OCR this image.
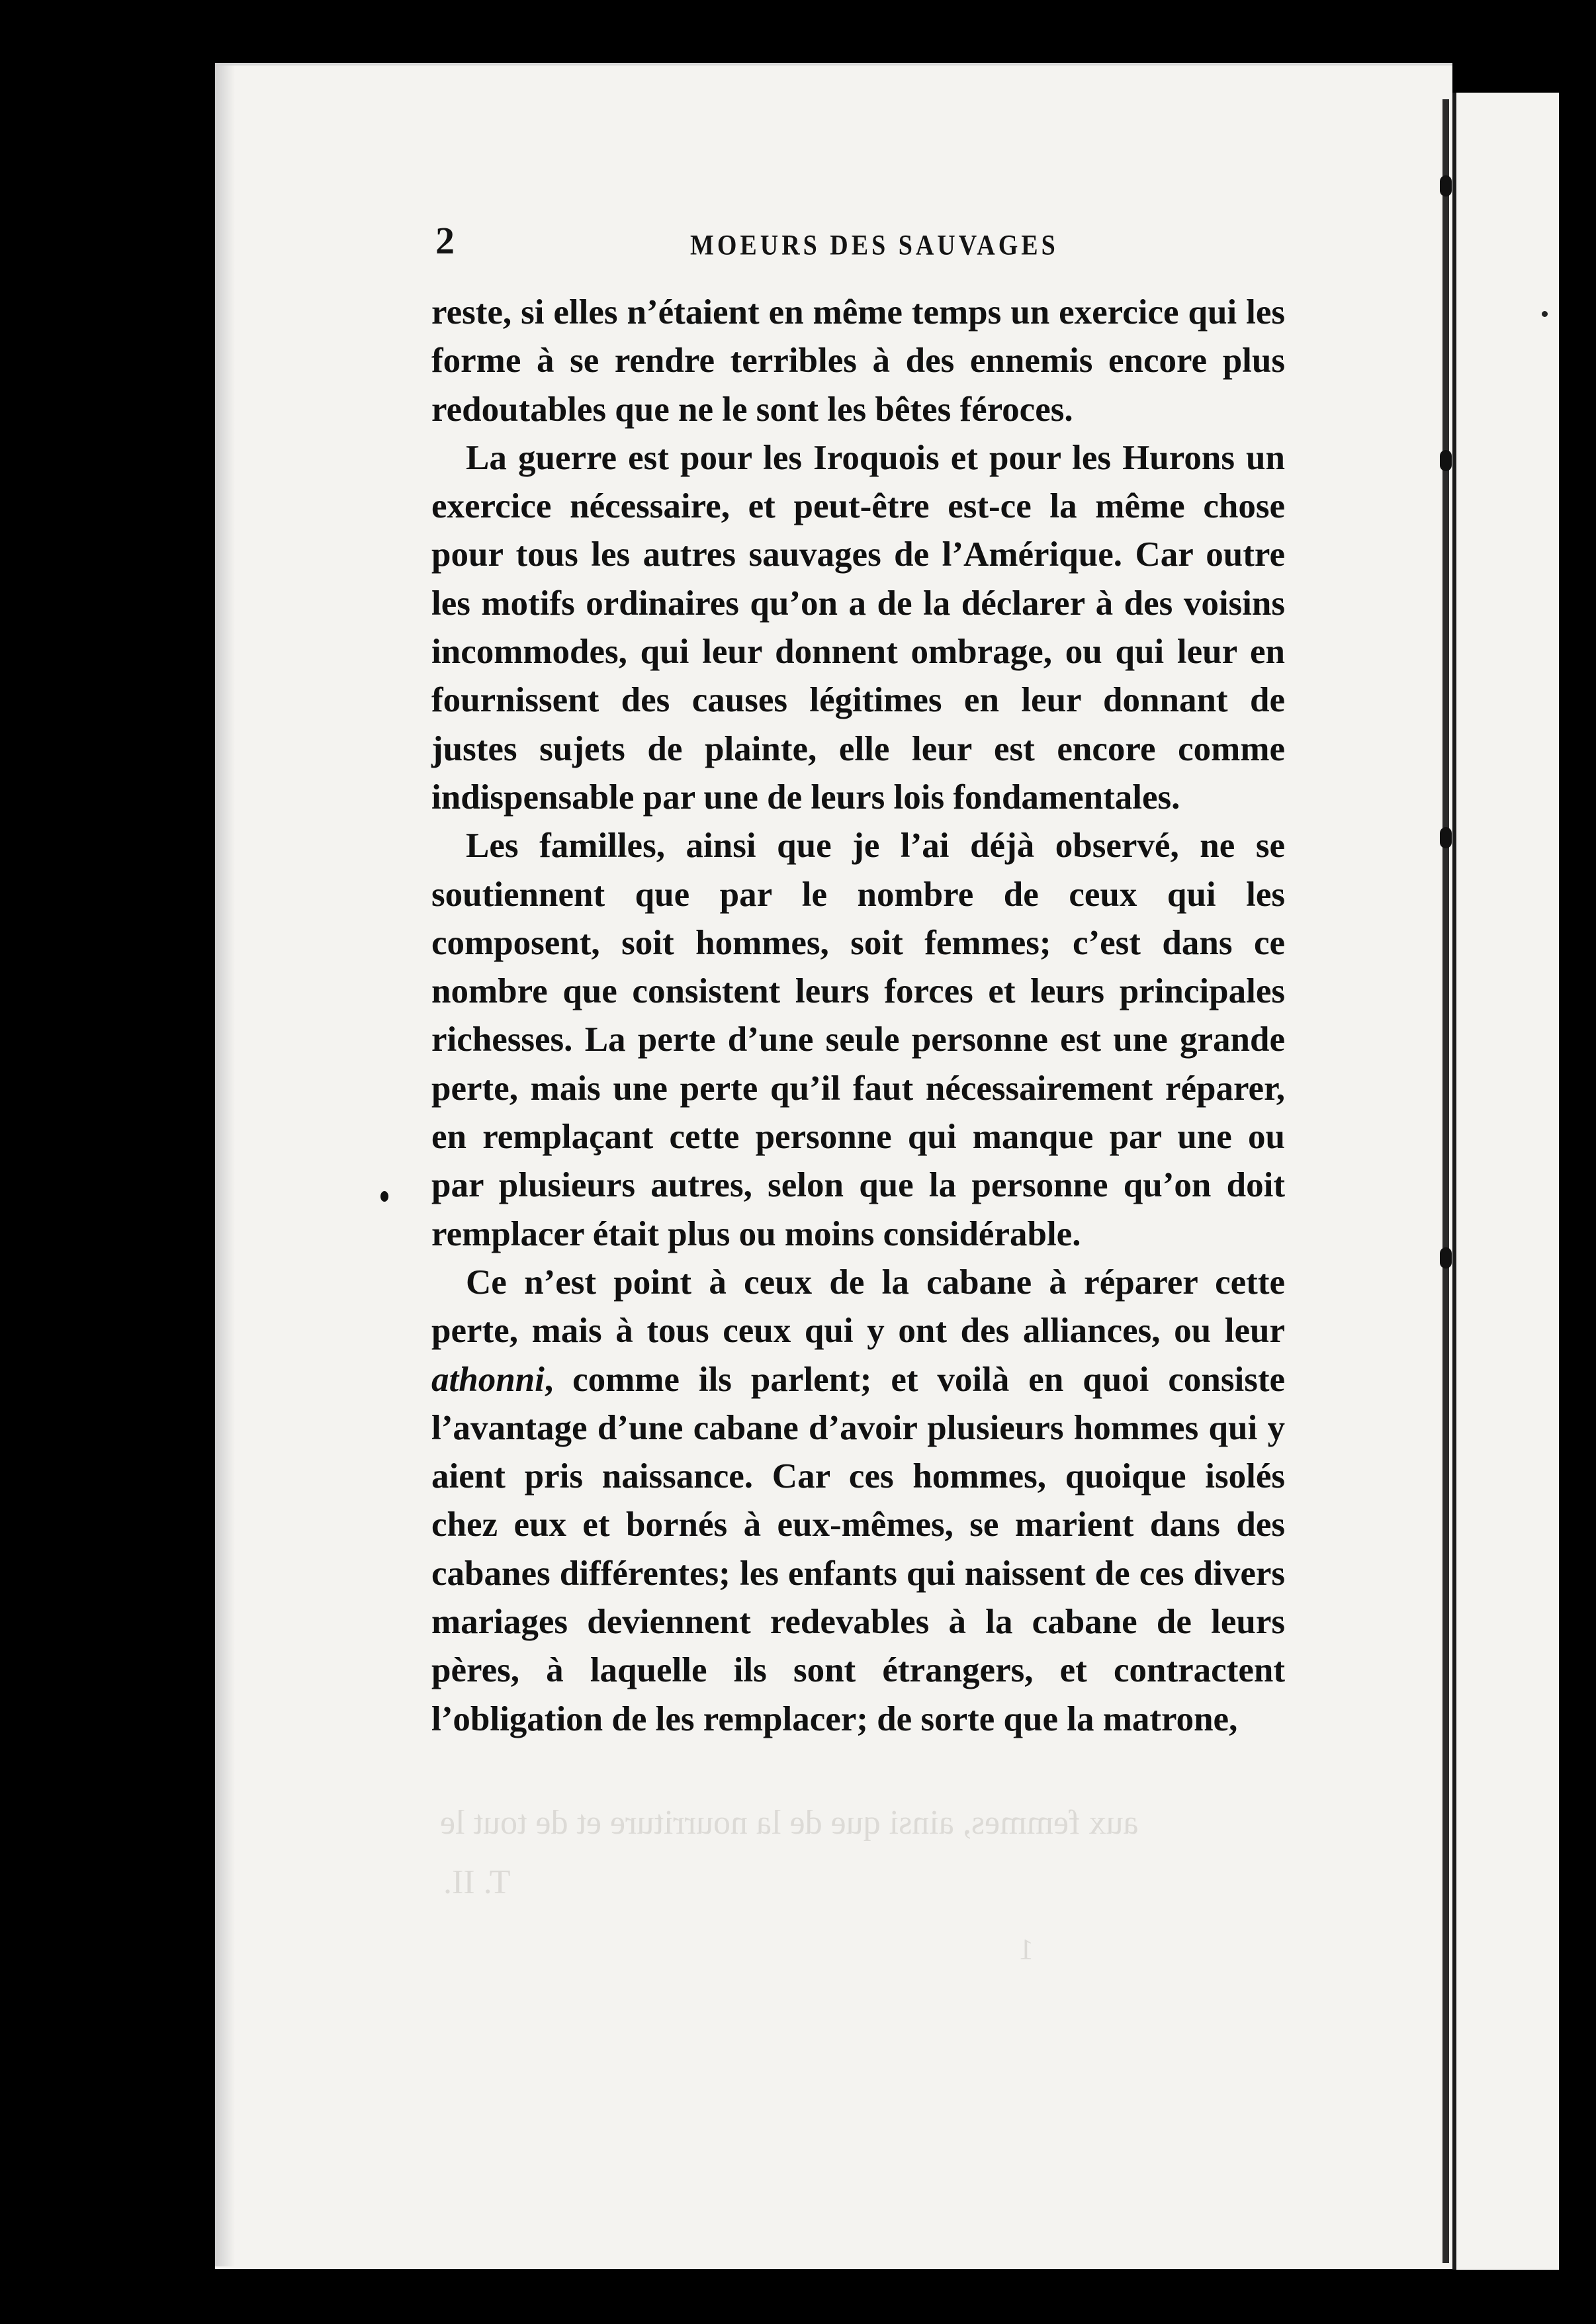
2	MOEURS DES SAUVAGES

reste, si elles n’étaient en même temps un exercice qui les forme à se rendre terribles à des ennemis encore plus redoutables que ne le sont les bêtes féroces.

La guerre est pour les Iroquois et pour les Hurons un exercice nécessaire, et peut-être est-ce la même chose pour tous les autres sauvages de l’Amérique. Car outre les motifs ordinaires qu’on a de la déclarer à des voisins incommodes, qui leur donnent ombrage, ou qui leur en fournissent des causes légitimes en leur donnant de justes sujets de plainte, elle leur est encore comme indispensable par une de leurs lois fondamentales.

Les familles, ainsi que je l’ai déjà observé, ne se soutiennent que par le nombre de ceux qui les composent, soit hommes, soit femmes; c’est dans ce nombre que consistent leurs forces et leurs principales richesses. La perte d’une seule personne est une grande perte, mais une perte qu’il faut nécessairement réparer, en remplaçant cette personne qui manque par une ou par plusieurs autres, selon que la personne qu’on doit remplacer était plus ou moins considérable.

Ce n’est point à ceux de la cabane à réparer cette perte, mais à tous ceux qui y ont des alliances, ou leur athonni, comme ils parlent; et voilà en quoi consiste l’avantage d’une cabane d’avoir plusieurs hommes qui y aient pris naissance. Car ces hommes, quoique isolés chez eux et bornés à eux-mêmes, se marient dans des cabanes différentes; les enfants qui naissent de ces divers mariages deviennent redevables à la cabane de leurs pères, à laquelle ils sont étrangers, et contractent l’obligation de les remplacer; de sorte que la matrone,

aux femmes, ainsi que de la nourriture et de tout le
T. II.
1
